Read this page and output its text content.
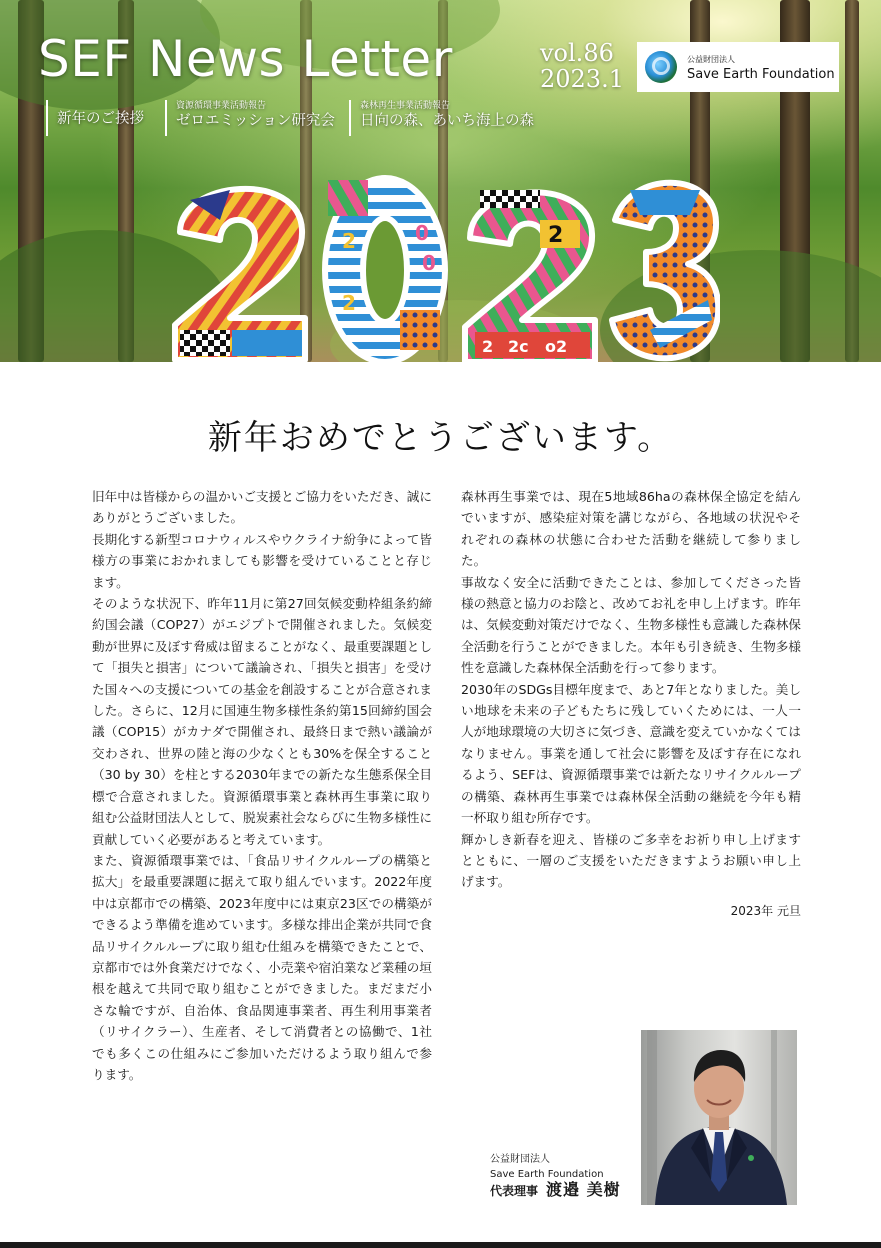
SEF News Letter	vol.86
2023.1
公益財団法人
Save Earth Foundation
新年のご挨拶
資源循環事業活動報告
ゼロエミッション研究会
森林再生事業活動報告
日向の森、あいち海上の森
2	0
2
0
2
2 2c o2
新年おめでとうございます。

旧年中は皆様からの温かいご支援とご協力をいただき、誠にありがとうございました。

長期化する新型コロナウィルスやウクライナ紛争によって皆様方の事業におかれましても影響を受けていることと存じます。

そのような状況下、昨年11月に第27回気候変動枠組条約締約国会議（COP27）がエジプトで開催されました。気候変動が世界に及ぼす脅威は留まることがなく、最重要課題として「損失と損害」について議論され、「損失と損害」を受けた国々への支援についての基金を創設することが合意されました。さらに、12月に国連生物多様性条約第15回締約国会議（COP15）がカナダで開催され、最終日まで熱い議論が交わされ、世界の陸と海の少なくとも30%を保全すること（30 by 30）を柱とする2030年までの新たな生態系保全目標で合意されました。資源循環事業と森林再生事業に取り組む公益財団法人として、脱炭素社会ならびに生物多様性に貢献していく必要があると考えています。

また、資源循環事業では、「食品リサイクルループの構築と拡大」を最重要課題に据えて取り組んでいます。2022年度中は京都市での構築、2023年度中には東京23区での構築ができるよう準備を進めています。多様な排出企業が共同で食品リサイクルループに取り組む仕組みを構築できたことで、京都市では外食業だけでなく、小売業や宿泊業など業種の垣根を越えて共同で取り組むことができました。まだまだ小さな輪ですが、自治体、食品関連事業者、再生利用事業者（リサイクラー）、生産者、そして消費者との協働で、1社でも多くこの仕組みにご参加いただけるよう取り組んで参ります。

森林再生事業では、現在5地域86haの森林保全協定を結んでいますが、感染症対策を講じながら、各地域の状況やそれぞれの森林の状態に合わせた活動を継続して参りました。

事故なく安全に活動できたことは、参加してくださった皆様の熱意と協力のお陰と、改めてお礼を申し上げます。昨年は、気候変動対策だけでなく、生物多様性も意識した森林保全活動を行うことができました。本年も引き続き、生物多様性を意識した森林保全活動を行って参ります。

2030年のSDGs目標年度まで、あと7年となりました。美しい地球を未来の子どもたちに残していくためには、一人一人が地球環境の大切さに気づき、意識を変えていかなくてはなりません。事業を通して社会に影響を及ぼす存在になれるよう、SEFは、資源循環事業では新たなリサイクルループの構築、森林再生事業では森林保全活動の継続を今年も精一杯取り組む所存です。

輝かしき新春を迎え、皆様のご多幸をお祈り申し上げますとともに、一層のご支援をいただきますようお願い申し上げます。

2023年 元旦
公益財団法人
Save Earth Foundation
代表理事 渡邉 美樹
